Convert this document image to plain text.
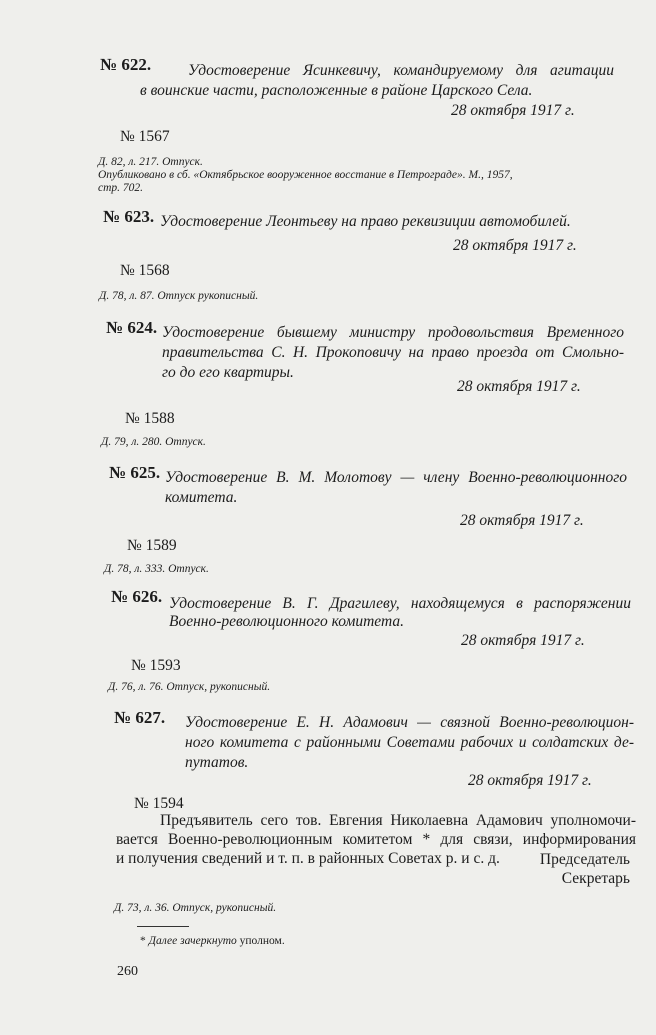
№ 622. Удостоверение Ясинкевичу, командируемому для агитации
в воинские части, расположенные в районе Царского Села.
28 октября 1917 г.
№ 1567
Д. 82, л. 217. Отпуск.
Опубликовано в сб. «Октябрьское вооруженное восстание в Петрограде». М., 1957,
стр. 702.
№ 623. Удостоверение Леонтьеву на право реквизиции автомобилей.
28 октября 1917 г.
№ 1568
Д. 78, л. 87. Отпуск рукописный.
№ 624. Удостоверение бывшему министру продовольствия Временного
правительства С. Н. Прокоповичу на право проезда от Смольно-
го до его квартиры.
28 октября 1917 г.
№ 1588
Д. 79, л. 280. Отпуск.
№ 625. Удостоверение В. М. Молотову — члену Военно-революционного
комитета.
28 октября 1917 г.
№ 1589
Д. 78, л. 333. Отпуск.
№ 626. Удостоверение В. Г. Драгилеву, находящемуся в распоряжении
Военно-революционного комитета.
28 октября 1917 г.
№ 1593
Д. 76, л. 76. Отпуск, рукописный.
№ 627. Удостоверение Е. Н. Адамович — связной Военно-революцион-
ного комитета с районными Советами рабочих и солдатских де-
путатов.
28 октября 1917 г.
№ 1594
Предъявитель сего тов. Евгения Николаевна Адамович уполномочи-
вается Военно-революционным комитетом * для связи, информирования
и получения сведений и т. п. в районных Советах р. и с. д.	Председатель
Секретарь
Д. 73, л. 36. Отпуск, рукописный.
* Далее зачеркнуто уполном.
260
